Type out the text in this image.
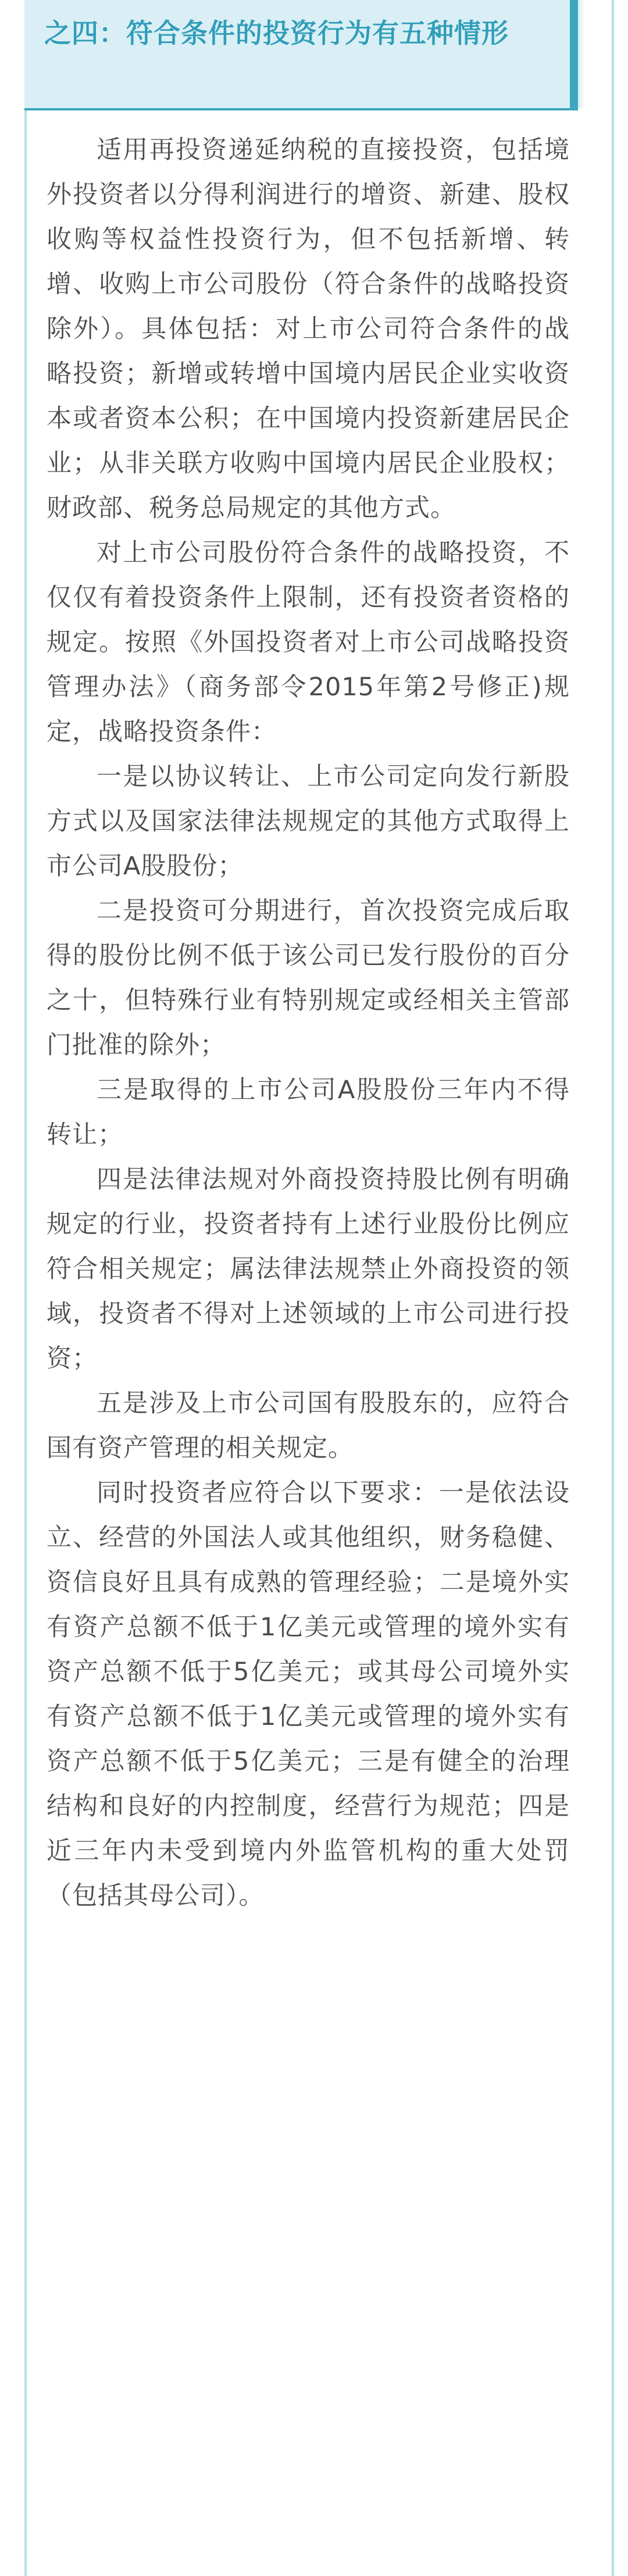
之四：符合条件的投资行为有五种情形

适用再投资递延纳税的直接投资，包括境外投资者以分得利润进行的增资、新建、股权收购等权益性投资行为，但不包括新增、转增、收购上市公司股份（符合条件的战略投资除外）。具体包括：对上市公司符合条件的战略投资；新增或转增中国境内居民企业实收资本或者资本公积；在中国境内投资新建居民企业；从非关联方收购中国境内居民企业股权；财政部、税务总局规定的其他方式。

对上市公司股份符合条件的战略投资，不仅仅有着投资条件上限制，还有投资者资格的规定。按照《外国投资者对上市公司战略投资管理办法》（商务部令2015年第2号修正)规定，战略投资条件：

一是以协议转让、上市公司定向发行新股方式以及国家法律法规规定的其他方式取得上市公司A股股份；

二是投资可分期进行，首次投资完成后取得的股份比例不低于该公司已发行股份的百分之十，但特殊行业有特别规定或经相关主管部门批准的除外；

三是取得的上市公司A股股份三年内不得转让；

四是法律法规对外商投资持股比例有明确规定的行业，投资者持有上述行业股份比例应符合相关规定；属法律法规禁止外商投资的领域，投资者不得对上述领域的上市公司进行投资；

五是涉及上市公司国有股股东的，应符合国有资产管理的相关规定。

同时投资者应符合以下要求：一是依法设立、经营的外国法人或其他组织，财务稳健、资信良好且具有成熟的管理经验；二是境外实有资产总额不低于1亿美元或管理的境外实有资产总额不低于5亿美元；或其母公司境外实有资产总额不低于1亿美元或管理的境外实有资产总额不低于5亿美元；三是有健全的治理结构和良好的内控制度，经营行为规范；四是近三年内未受到境内外监管机构的重大处罚（包括其母公司）。
